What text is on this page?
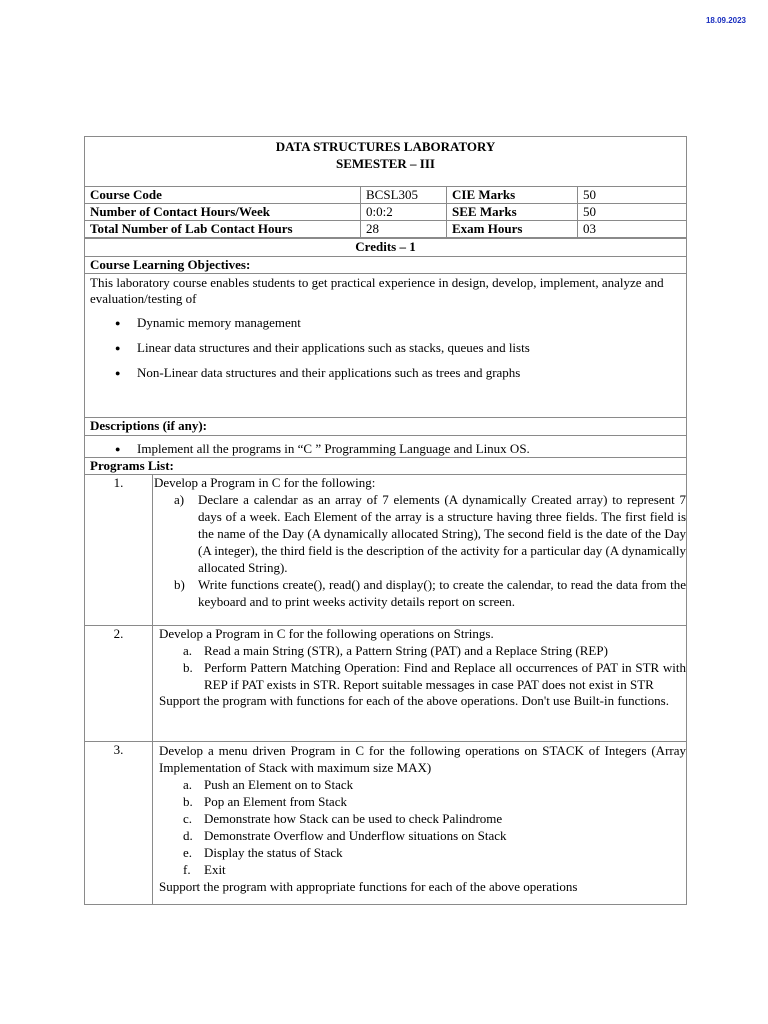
18.09.2023
DATA STRUCTURES LABORATORY
SEMESTER – III
Course Code	BCSL305	CIE Marks	50
Number of Contact Hours/Week	0:0:2	SEE Marks	50
Total Number of Lab Contact Hours	28	Exam Hours	03
Credits – 1
Course Learning Objectives:
This laboratory course enables students to get practical experience in design, develop, implement, analyze and evaluation/testing of
● Dynamic memory management
● Linear data structures and their applications such as stacks, queues and lists
● Non-Linear data structures and their applications such as trees and graphs
Descriptions (if any):
● Implement all the programs in “C ” Programming Language and Linux OS.
Programs List:
1.	Develop a Program in C for the following:
a)	Declare a calendar as an array of 7 elements (A dynamically Created array) to represent 7 days of a week. Each Element of the array is a structure having three fields. The first field is the name of the Day (A dynamically allocated String), The second field is the date of the Day (A integer), the third field is the description of the activity for a particular day (A dynamically allocated String).
b)	Write functions create(), read() and display(); to create the calendar, to read the data from the keyboard and to print weeks activity details report on screen.
2.	Develop a Program in C for the following operations on Strings.
a. Read a main String (STR), a Pattern String (PAT) and a Replace String (REP)
b. Perform Pattern Matching Operation: Find and Replace all occurrences of PAT in STR with REP if PAT exists in STR. Report suitable messages in case PAT does not exist in STR
Support the program with functions for each of the above operations. Don't use Built-in functions.
3.	Develop a menu driven Program in C for the following operations on STACK of Integers (Array Implementation of Stack with maximum size MAX)
a. Push an Element on to Stack
b. Pop an Element from Stack
c. Demonstrate how Stack can be used to check Palindrome
d. Demonstrate Overflow and Underflow situations on Stack
e. Display the status of Stack
f.	Exit
Support the program with appropriate functions for each of the above operations
